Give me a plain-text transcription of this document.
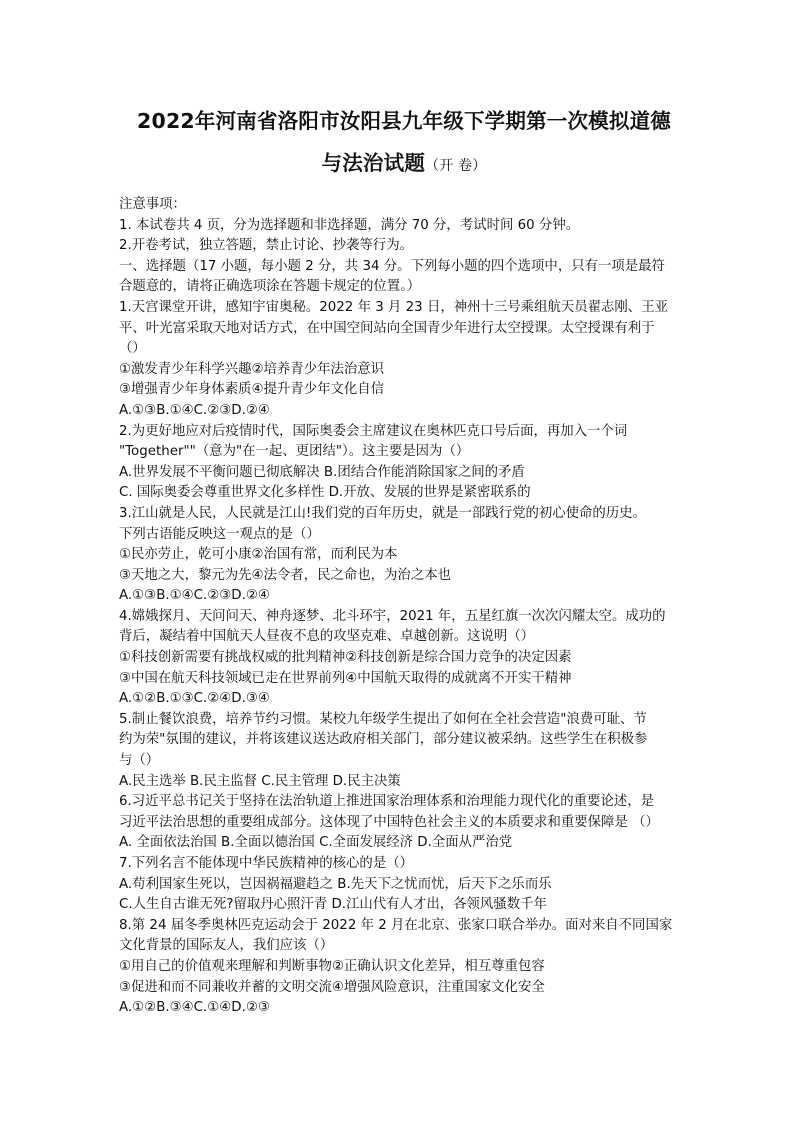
2022年河南省洛阳市汝阳县九年级下学期第一次模拟道德
与法治试题（开 卷）
注意事项：
1. 本试卷共 4 页，分为选择题和非选择题，满分 70 分，考试时间 60 分钟。
2.开卷考试，独立答题，禁止讨论、抄袭等行为。
一、选择题（17 小题，每小题 2 分，共 34 分。下列每小题的四个选项中，只有一项是最符
合题意的，请将正确选项涂在答题卡规定的位置。）
1.天宫课堂开讲，感知宇宙奥秘。2022 年 3 月 23 日，神州十三号乘组航天员翟志刚、王亚
平、叶光富采取天地对话方式，在中国空间站向全国青少年进行太空授课。太空授课有利于
（）
①激发青少年科学兴趣②培养青少年法治意识
③增强青少年身体素质④提升青少年文化自信
A.①③B.①④C.②③D.②④
2.为更好地应对后疫情时代，国际奥委会主席建议在奥林匹克口号后面，再加入一个词
"Together""（意为"在一起、更团结"）。这主要是因为（）
A.世界发展不平衡问题已彻底解决 B.团结合作能消除国家之间的矛盾
C. 国际奥委会尊重世界文化多样性 D.开放、发展的世界是紧密联系的
3.江山就是人民，人民就是江山!我们党的百年历史，就是一部践行党的初心使命的历史。
下列古语能反映这一观点的是（）
①民亦劳止，乾可小康②治国有常，而利民为本
③天地之大，黎元为先④法令者，民之命也，为治之本也
A.①③B.①④C.②③D.②④
4.嫦娥探月、天问问天、神舟逐梦、北斗环宇，2021 年，五星红旗一次次闪耀太空。成功的
背后，凝结着中国航天人昼夜不息的攻坚克难、卓越创新。这说明（）
①科技创新需要有挑战权威的批判精神②科技创新是综合国力竞争的决定因素
③中国在航天科技领域已走在世界前列④中国航天取得的成就离不开实干精神
A.①②B.①③C.②④D.③④
5.制止餐饮浪费，培养节约习惯。某校九年级学生提出了如何在全社会营造"浪费可耻、节
约为荣"氛围的建议，并将该建议送达政府相关部门，部分建议被采纳。这些学生在积极参
与（）
A.民主选举 B.民主监督 C.民主管理 D.民主决策
6.习近平总书记关于坚持在法治轨道上推进国家治理体系和治理能力现代化的重要论述，是
习近平法治思想的重要组成部分。这体现了中国特色社会主义的本质要求和重要保障是 （）
A. 全面依法治国 B.全面以德治国 C.全面发展经济 D.全面从严治党
7.下列名言不能体现中华民族精神的核心的是（）
A.苟利国家生死以，岂因祸福避趋之 B.先天下之忧而忧，后天下之乐而乐
C.人生自古谁无死?留取丹心照汗青 D.江山代有人才出，各领风骚数千年
8.第 24 届冬季奥林匹克运动会于 2022 年 2 月在北京、张家口联合举办。面对来自不同国家
文化背景的国际友人，我们应该（）
①用自己的价值观来理解和判断事物②正确认识文化差异，相互尊重包容
③促进和而不同兼收并蓄的文明交流④增强风险意识，注重国家文化安全
A.①②B.③④C.①④D.②③
